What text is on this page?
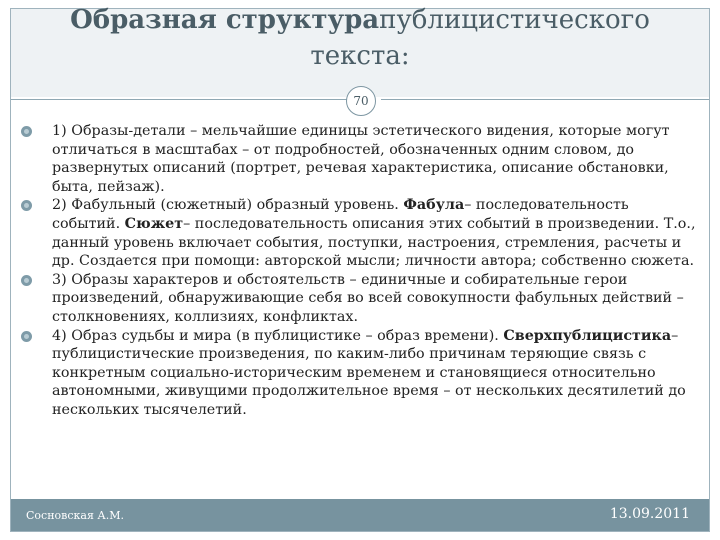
Образная структурапублицистического
текста:
70

1) Образы-детали – мельчайшие единицы эстетического видения, которые могут отличаться в масштабах – от подробностей, обозначенных одним словом, до развернутых описаний (портрет, речевая характеристика, описание обстановки, быта, пейзаж).

2) Фабульный (сюжетный) образный уровень. Фабула– последовательность событий. Сюжет– последовательность описания этих событий в произведении. Т.о., данный уровень включает события, поступки, настроения, стремления, расчеты и др. Создается при помощи: авторской мысли; личности автора; собственно сюжета.

3) Образы характеров и обстоятельств – единичные и собирательные герои произведений, обнаруживающие себя во всей совокупности фабульных действий – столкновениях, коллизиях, конфликтах.

4) Образ судьбы и мира (в публицистике – образ времени). Сверхпублицистика– публицистические произведения, по каким-либо причинам теряющие связь с конкретным социально-историческим временем и становящиеся относительно автономными, живущими продолжительное время – от нескольких десятилетий до нескольких тысячелетий.

Сосновская А.М.	13.09.2011
